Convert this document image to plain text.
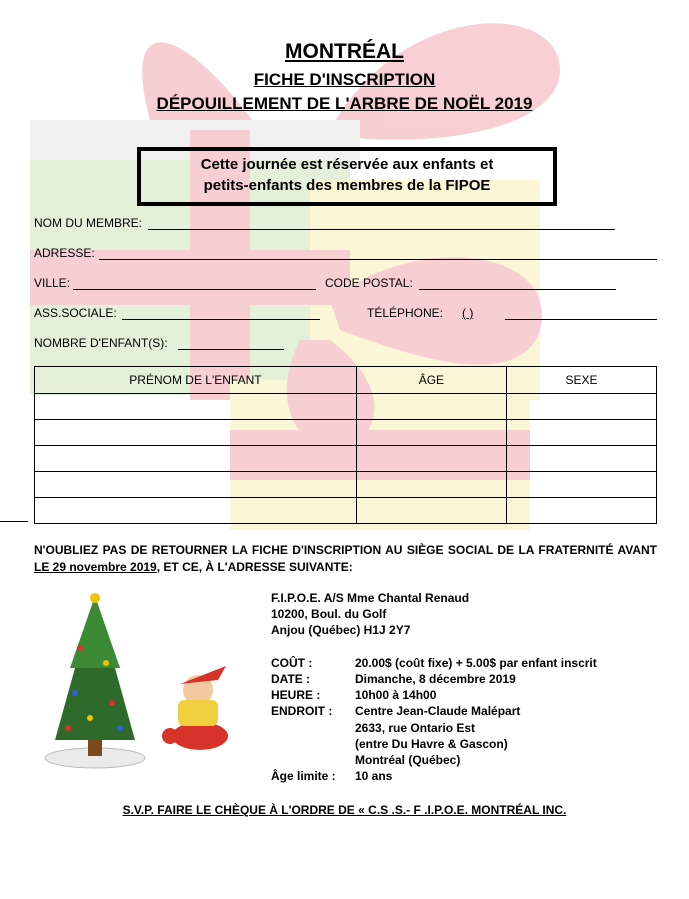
MONTRÉAL
FICHE D'INSCRIPTION
DÉPOUILLEMENT DE L'ARBRE DE NOËL 2019
Cette journée est réservée aux enfants et
petits-enfants des membres de la FIPOE
NOM DU MEMBRE:
ADRESSE:
VILLE:	CODE POSTAL:
ASS.SOCIALE:	TÉLÉPHONE: ( )
NOMBRE D'ENFANT(S):
PRÉNOM DE L'ENFANT	ÂGE	SEXE

N'OUBLIEZ PAS DE RETOURNER LA FICHE D'INSCRIPTION AU SIÈGE SOCIAL DE LA FRATERNITÉ AVANT LE 29 novembre 2019, ET CE, À L'ADRESSE SUIVANTE:
F.I.P.O.E. A/S Mme Chantal Renaud
10200, Boul. du Golf
Anjou (Québec) H1J 2Y7
COÛT :	20.00$ (coût fixe) + 5.00$ par enfant inscrit
DATE :	Dimanche, 8 décembre 2019
HEURE :	10h00 à 14h00
ENDROIT : Centre Jean-Claude Malépart
2633, rue Ontario Est
(entre Du Havre & Gascon)
Montréal (Québec)
Âge limite : 10 ans
S.V.P. FAIRE LE CHÈQUE À L'ORDRE DE « C.S .S.- F .I.P.O.E. MONTRÉAL INC.
